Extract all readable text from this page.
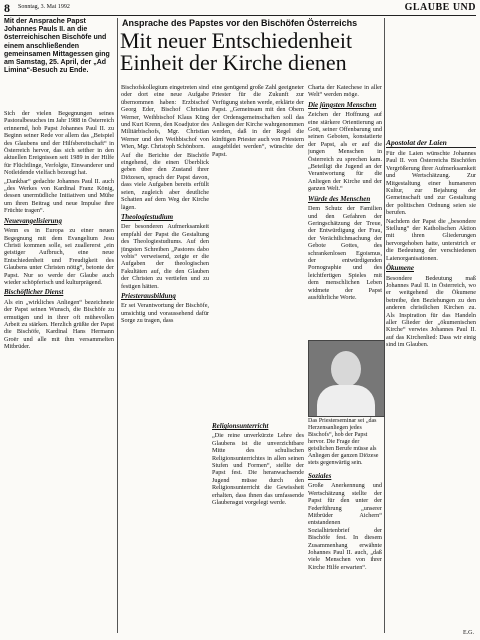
8 Sonntag, 3. Mai 1992	GLAUBE UND
Mit der Ansprache Papst Johannes Pauls II. an die österreichischen Bischöfe und einem anschließenden gemeinsamen Mittagessen ging am Samstag, 25. April, der „Ad Limina“-Besuch zu Ende.
Ansprache des Papstes vor den Bischöfen Österreichs
Mit neuer Entschiedenheit Einheit der Kirche dienen

Sich der vielen Begegnungen seines Pastoralbesuches im Jahr 1988 in Österreich erinnernd, hob Papst Johannes Paul II. zu Beginn seiner Rede vor allem das „Beispiel des Glaubens und der Hilfsbereitschaft“ in Österreich hervor, das sich seither in den aktuellen Ereignissen seit 1989 in der Hilfe für Flüchtlinge, Verfolgte, Einwanderer und Notleidende vielfach bezeugt hat.

„Dankbar“ gedachte Johannes Paul II. auch „des Werkes von Kardinal Franz König, dessen unermüdliche Initiativen und Mühe um ihren Beitrag und neue Impulse ihre Früchte tragen“.

Neuevangelisierung

Wenn es in Europa zu einer neuen Begegnung mit dem Evangelium Jesu Christi kommen solle, sei zuallererst „ein geistiger Aufbruch, eine neue Entschiedenheit und Freudigkeit des Glaubens unter Christen nötig“, betonte der Papst. Nur so werde der Glaube auch wieder schöpferisch und kulturprägend.

Bischöflicher Dienst

Als ein „wirkliches Anliegen“ bezeichnete der Papst seinen Wunsch, die Bischöfe zu ermutigen und in ihrer oft mühevollen Arbeit zu stärken. Herzlich grüßte der Papst die Bischöfe, Kardinal Hans Hermann Groër und alle mit ihm versammelten Mitbrüder.

Bischofskollegium eingetreten sind oder dort eine neue Aufgabe übernommen haben: Erzbischof Georg Eder, Bischof Christian Werner, Weihbischof Klaus Küng und Kurt Krenn, den Koadjutor des Militärbischofs, Mgr. Christian Werner und den Weihbischof von Wien, Mgr. Christoph Schönborn.

Auf die Berichte der Bischöfe eingehend, die einen Überblick geben über den Zustand ihrer Diözesen, sprach der Papst davon, dass viele Aufgaben bereits erfüllt seien, zugleich aber deutliche Schatten auf dem Weg der Kirche lägen.

Theologiestudium

Der besonderen Aufmerksamkeit empfahl der Papst die Gestaltung des Theologiestudiums. Auf den jüngsten Schreiben „Pastores dabo vobis“ verweisend, zeigte er die Aufgaben der theologischen Fakultäten auf, die den Glauben der Christen zu vertiefen und zu festigen hätten.

Priesterausbildung

Er sei Verantwortung der Bischöfe, umsichtig und voraussehend dafür Sorge zu tragen, dass

eine genügend große Zahl geeigneter Priester für die Zukunft zur Verfügung stehen werde, erklärte der Papst. „Gemeinsam mit den Obern der Ordensgemeinschaften soll das Anliegen der Kirche wahrgenommen werden, daß in der Regel die künftigen Priester auch von Priestern ausgebildet werden“, wünschte der Papst.

Religionsunterricht

„Die reine unverkürzte Lehre des Glaubens ist die unverzichtbare Mitte des schulischen Religionsunterrichtes in allen seinen Stufen und Formen“, stellte der Papst fest. Die heranwachsende Jugend müsse durch den Religionsunterricht die Gewissheit erhalten, dass ihnen das umfassende Glaubensgut vorgelegt werde.

Das Priesterseminar sei „das Herzensanliegen jedes Bischofs“, hob der Papst hervor. Die Frage der geistlichen Berufe müsse als Anliegen der ganzen Diözese stets gegenwärtig sein.

Charta der Katechese in aller Welt“ werden möge.

Die jüngsten Menschen

Zeichen der Hoffnung auf eine stärkere Orientierung an Gott, seiner Offenbarung und seinen Geboten, konstatierte der Papst, als er auf die jungen Menschen in Österreich zu sprechen kam. „Beteiligt die Jugend an der Verantwortung für die Anliegen der Kirche und der ganzen Welt.“

Würde des Menschen

Dem Schutz der Familien und den Gefahren der Geringschätzung der Treue, der Entwürdigung der Frau, der Verächtlichmachung der Gebote Gottes, des schrankenlosen Egoismus, der entwürdigenden Pornographie und des leichtfertigen Spieles mit dem menschlichen Leben widmete der Papst ausführliche Worte.

Soziales

Große Anerkennung und Wertschätzung stellte der Papst für den unter der Federführung „unserer Mitbrüder Aichern“ entstandenen Sozialhirtenbrief der Bischöfe fest. In diesem Zusammenhang erwähnte Johannes Paul II. auch, „daß viele Menschen von ihrer Kirche Hilfe erwarten“.

Apostolat der Laien

Für die Laien wünschte Johannes Paul II. von Österreichs Bischöfen Vergrößerung ihrer Aufmerksamkeit und Wertschätzung. Zur Mitgestaltung einer humaneren Kultur, zur Bejahung der Gemeinschaft und zur Gestaltung der politischen Ordnung seien sie berufen.

Nachdem der Papst die „besondere Stellung“ der Katholischen Aktion mit ihren Gliederungen hervorgehoben hatte, unterstrich er die Bedeutung der verschiedenen Laienorganisationen.

Ökumene

Besondere Bedeutung maß Johannes Paul II. in Österreich, wo er weitgehend die Ökumene betreibe, den Beziehungen zu den anderen christlichen Kirchen zu. Als Inspiration für das Handeln aller Glieder der „ökumenischen Kirche“ verwies Johannes Paul II. auf das Kirchenlied: Dass wir einig sind im Glauben.

E.G.
